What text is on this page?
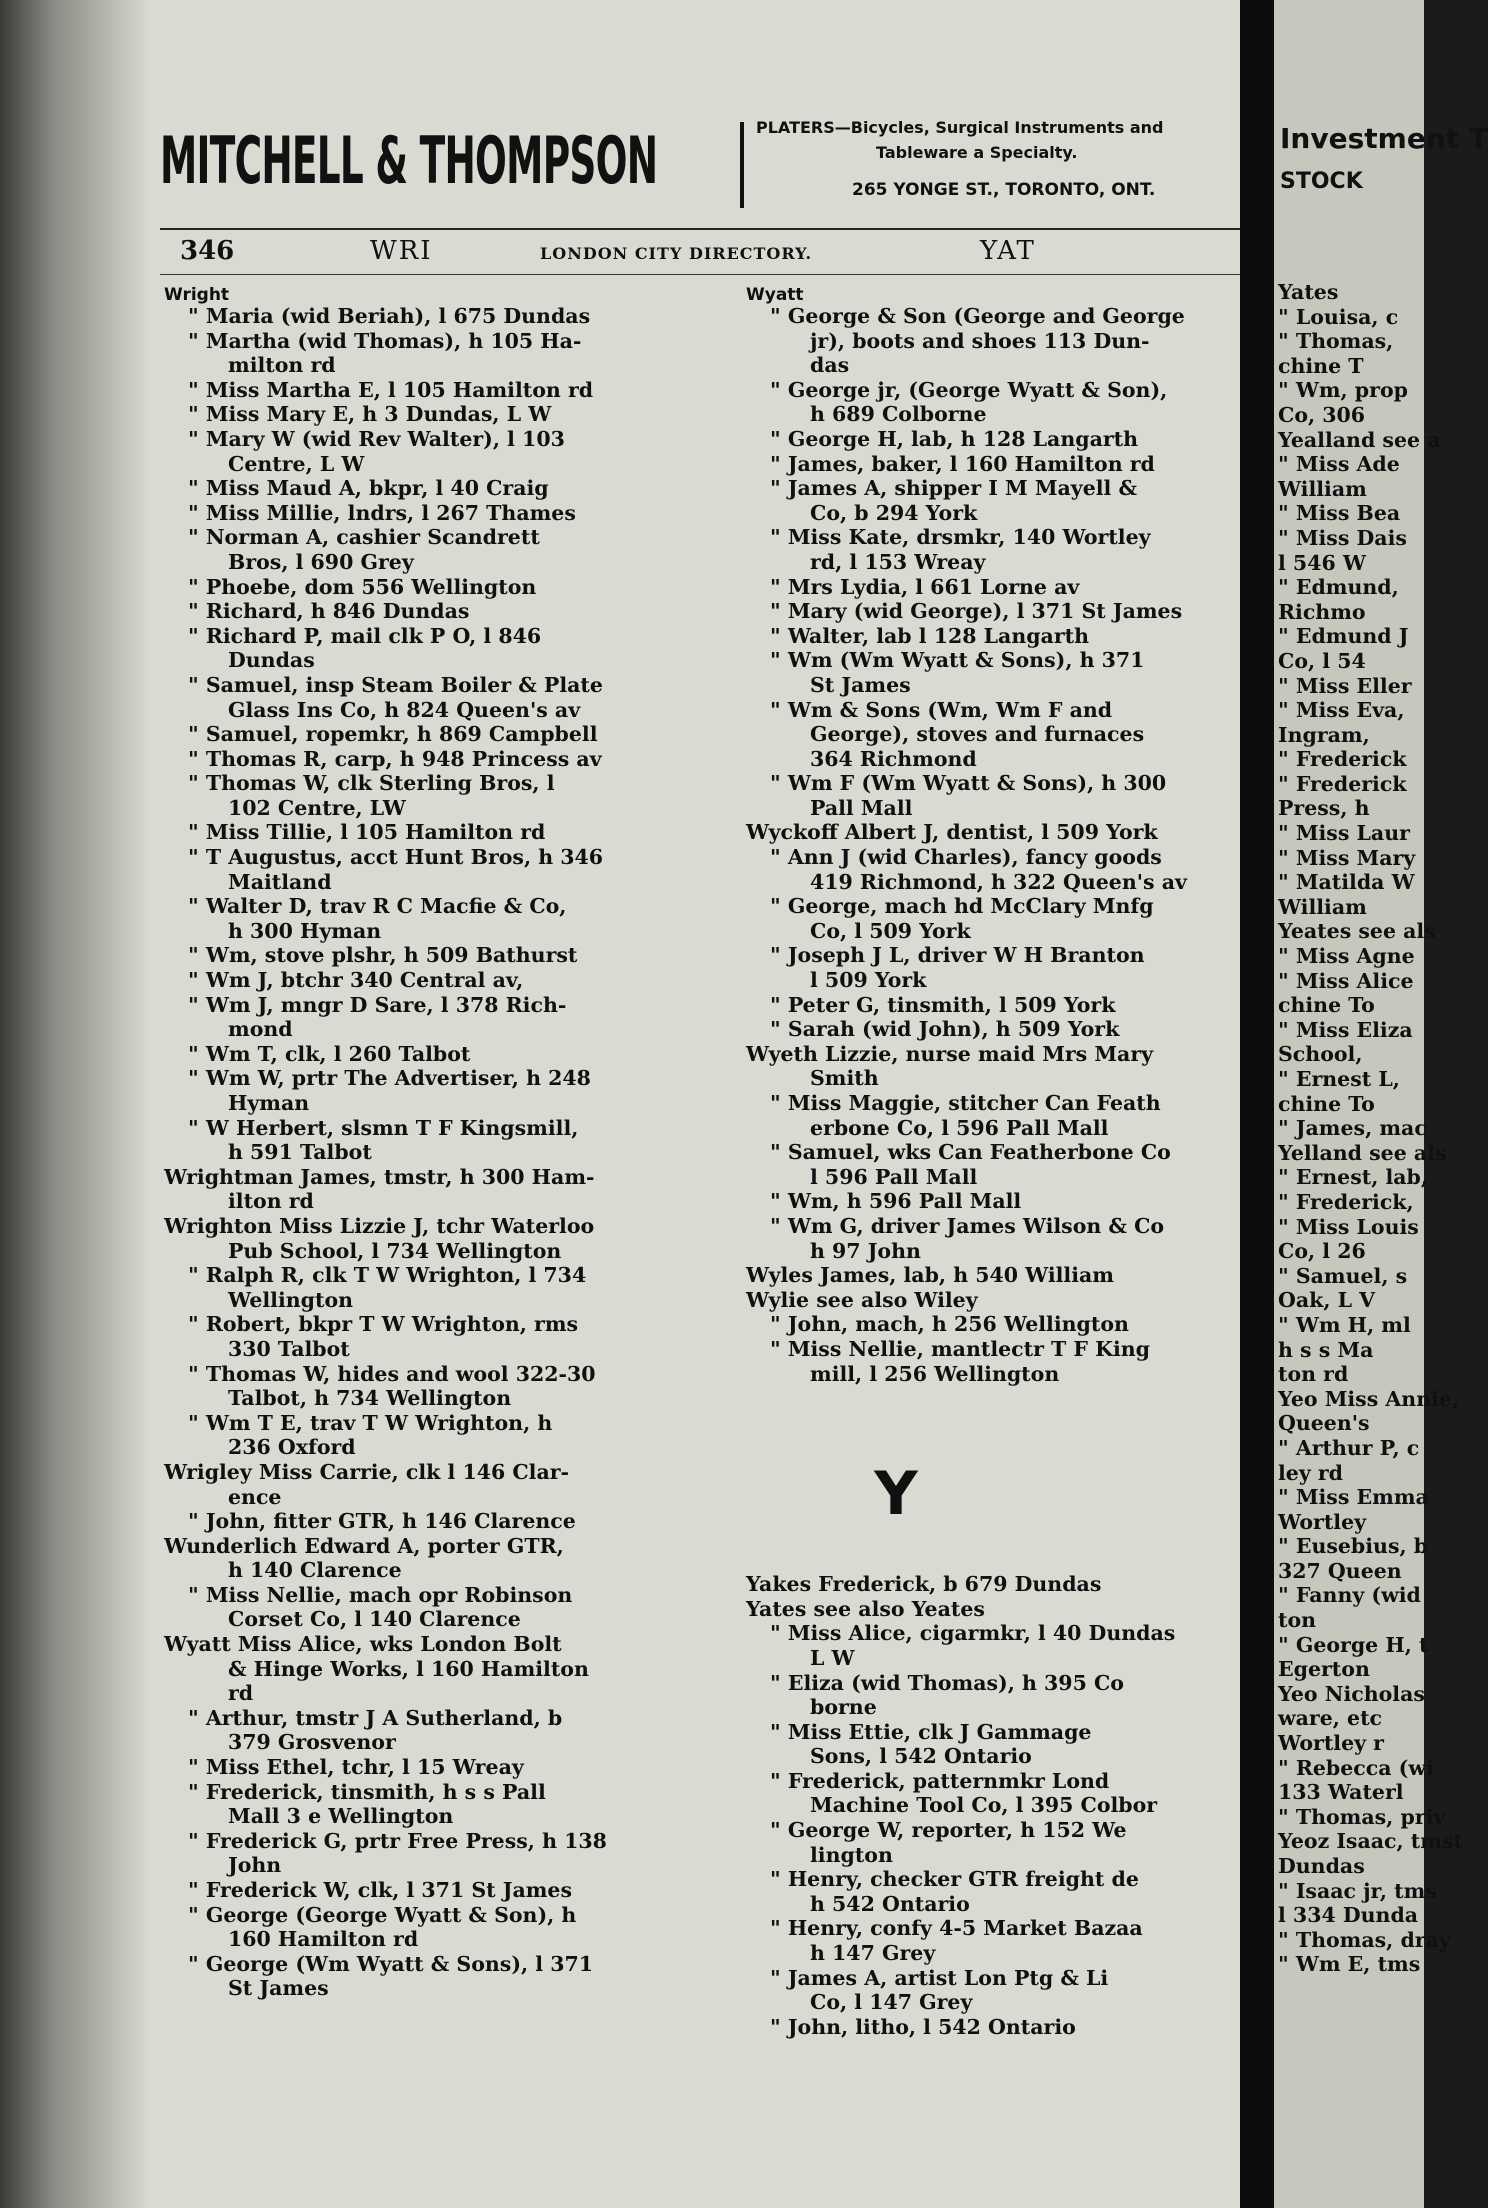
MITCHELL & THOMPSON	PLATERS—Bicycles, Surgical Instruments and
Tableware a Specialty.
265 YONGE ST., TORONTO, ONT.
346	WRI	LONDON CITY DIRECTORY.	YAT
Wright
" Maria (wid Beriah), l 675 Dundas
" Martha (wid Thomas), h 105 Ha-
milton rd
" Miss Martha E, l 105 Hamilton rd
" Miss Mary E, h 3 Dundas, L W
" Mary W (wid Rev Walter), l 103
Centre, L W
" Miss Maud A, bkpr, l 40 Craig
" Miss Millie, lndrs, l 267 Thames
" Norman A, cashier Scandrett
Bros, l 690 Grey
" Phoebe, dom 556 Wellington
" Richard, h 846 Dundas
" Richard P, mail clk P O, l 846
Dundas
" Samuel, insp Steam Boiler & Plate
Glass Ins Co, h 824 Queen's av
" Samuel, ropemkr, h 869 Campbell
" Thomas R, carp, h 948 Princess av
" Thomas W, clk Sterling Bros, l
102 Centre, LW
" Miss Tillie, l 105 Hamilton rd
" T Augustus, acct Hunt Bros, h 346
Maitland
" Walter D, trav R C Macfie & Co,
h 300 Hyman
" Wm, stove plshr, h 509 Bathurst
" Wm J, btchr 340 Central av,
" Wm J, mngr D Sare, l 378 Rich-
mond
" Wm T, clk, l 260 Talbot
" Wm W, prtr The Advertiser, h 248
Hyman
" W Herbert, slsmn T F Kingsmill,
h 591 Talbot
Wrightman James, tmstr, h 300 Ham-
ilton rd
Wrighton Miss Lizzie J, tchr Waterloo
Pub School, l 734 Wellington
" Ralph R, clk T W Wrighton, l 734
Wellington
" Robert, bkpr T W Wrighton, rms
330 Talbot
" Thomas W, hides and wool 322-30
Talbot, h 734 Wellington
" Wm T E, trav T W Wrighton, h
236 Oxford
Wrigley Miss Carrie, clk l 146 Clar-
ence
" John, fitter GTR, h 146 Clarence
Wunderlich Edward A, porter GTR,
h 140 Clarence
" Miss Nellie, mach opr Robinson
Corset Co, l 140 Clarence
Wyatt Miss Alice, wks London Bolt
& Hinge Works, l 160 Hamilton
rd
" Arthur, tmstr J A Sutherland, b
379 Grosvenor
" Miss Ethel, tchr, l 15 Wreay
" Frederick, tinsmith, h s s Pall
Mall 3 e Wellington
" Frederick G, prtr Free Press, h 138
John
" Frederick W, clk, l 371 St James
" George (George Wyatt & Son), h
160 Hamilton rd
" George (Wm Wyatt & Sons), l 371
St James
Wyatt
" George & Son (George and George
jr), boots and shoes 113 Dun-
das
" George jr, (George Wyatt & Son),
h 689 Colborne
" George H, lab, h 128 Langarth
" James, baker, l 160 Hamilton rd
" James A, shipper I M Mayell &
Co, b 294 York
" Miss Kate, drsmkr, 140 Wortley
rd, l 153 Wreay
" Mrs Lydia, l 661 Lorne av
" Mary (wid George), l 371 St James
" Walter, lab l 128 Langarth
" Wm (Wm Wyatt & Sons), h 371
St James
" Wm & Sons (Wm, Wm F and
George), stoves and furnaces
364 Richmond
" Wm F (Wm Wyatt & Sons), h 300
Pall Mall
Wyckoff Albert J, dentist, l 509 York
" Ann J (wid Charles), fancy goods
419 Richmond, h 322 Queen's av
" George, mach hd McClary Mnfg
Co, l 509 York
" Joseph J L, driver W H Branton
l 509 York
" Peter G, tinsmith, l 509 York
" Sarah (wid John), h 509 York
Wyeth Lizzie, nurse maid Mrs Mary
Smith
" Miss Maggie, stitcher Can Feath
erbone Co, l 596 Pall Mall
" Samuel, wks Can Featherbone Co
l 596 Pall Mall
" Wm, h 596 Pall Mall
" Wm G, driver James Wilson & Co
h 97 John
Wyles James, lab, h 540 William
Wylie see also Wiley
" John, mach, h 256 Wellington
" Miss Nellie, mantlectr T F King
mill, l 256 Wellington
Y
Yakes Frederick, b 679 Dundas
Yates see also Yeates
" Miss Alice, cigarmkr, l 40 Dundas
L W
" Eliza (wid Thomas), h 395 Co
borne
" Miss Ettie, clk J Gammage
Sons, l 542 Ontario
" Frederick, patternmkr Lond
Machine Tool Co, l 395 Colbor
" George W, reporter, h 152 We
lington
" Henry, checker GTR freight de
h 542 Ontario
" Henry, confy 4-5 Market Bazaa
h 147 Grey
" James A, artist Lon Ptg & Li
Co, l 147 Grey
" John, litho, l 542 Ontario
Investment T
STOCK
Yates
" Louisa, c
" Thomas,
chine T
" Wm, prop
Co, 306
Yealland see a
" Miss Ade
William
" Miss Bea
" Miss Dais
l 546 W
" Edmund,
Richmo
" Edmund J
Co, l 54
" Miss Eller
" Miss Eva,
Ingram,
" Frederick
" Frederick
Press, h
" Miss Laur
" Miss Mary
" Matilda W
William
Yeates see als
" Miss Agne
" Miss Alice
chine To
" Miss Eliza
School,
" Ernest L,
chine To
" James, mac
Yelland see als
" Ernest, lab,
" Frederick,
" Miss Louis
Co, l 26
" Samuel, s
Oak, L V
" Wm H, ml
h s s Ma
ton rd
Yeo Miss Annie,
Queen's
" Arthur P, c
ley rd
" Miss Emma
Wortley
" Eusebius, b
327 Queen
" Fanny (wid
ton
" George H, t
Egerton
Yeo Nicholas
ware, etc
Wortley r
" Rebecca (wi
133 Waterl
" Thomas, priv
Yeoz Isaac, tmst
Dundas
" Isaac jr, tms
l 334 Dunda
" Thomas, dray
" Wm E, tms
